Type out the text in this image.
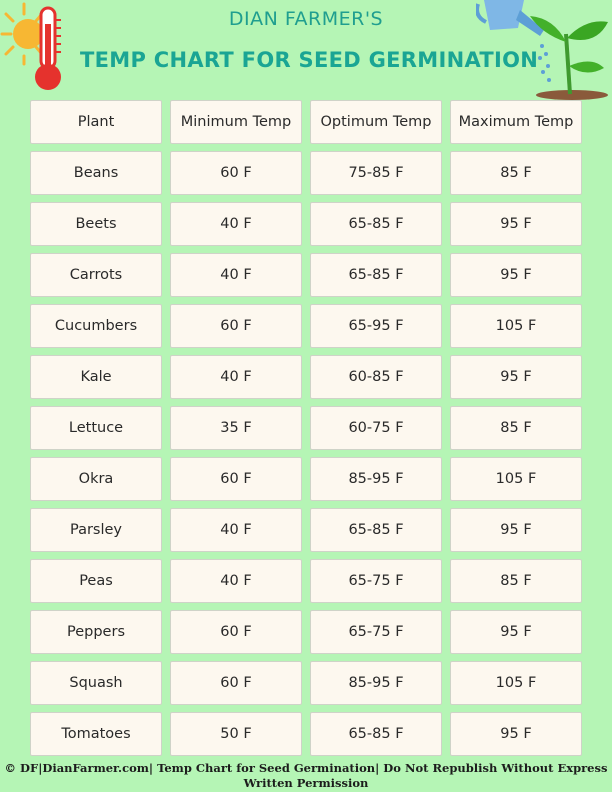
DIAN FARMER'S
TEMP CHART FOR SEED GERMINATION
Plant	Minimum Temp	Optimum Temp	Maximum Temp
Beans	60 F	75-85 F	85 F
Beets	40 F	65-85 F	95 F
Carrots	40 F	65-85 F	95 F
Cucumbers	60 F	65-95 F	105 F
Kale	40 F	60-85 F	95 F
Lettuce	35 F	60-75 F	85 F
Okra	60 F	85-95 F	105 F
Parsley	40 F	65-85 F	95 F
Peas	40 F	65-75 F	85 F
Peppers	60 F	65-75 F	95 F
Squash	60 F	85-95 F	105 F
Tomatoes	50 F	65-85 F	95 F
© DF|DianFarmer.com| Temp Chart for Seed Germination| Do Not Republish Without Express
Written Permission
